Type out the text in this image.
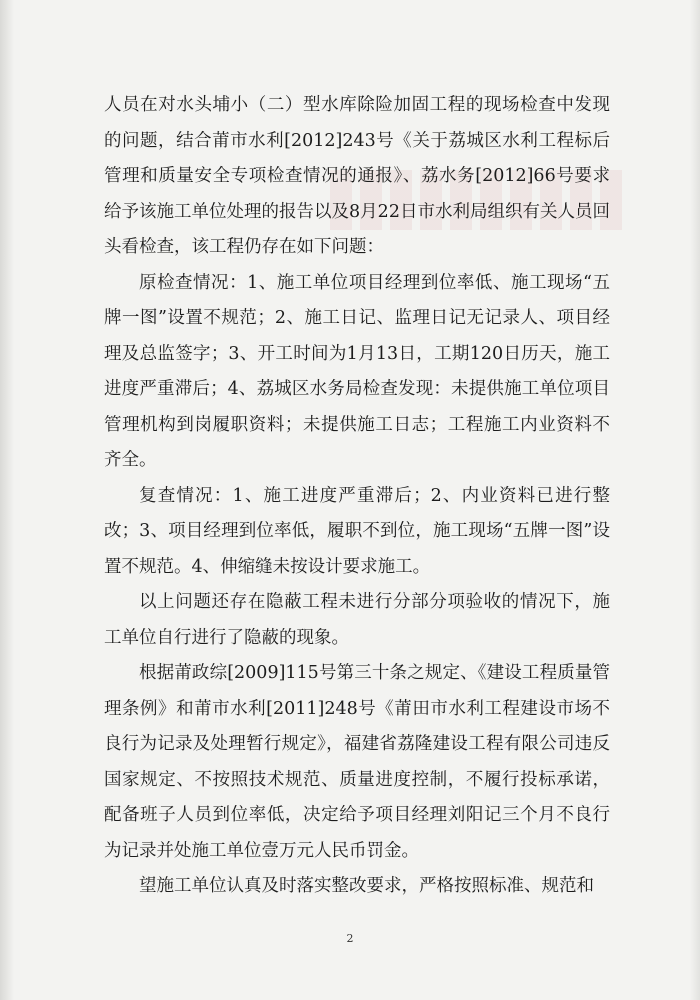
人员在对水头埔小（二）型水库除险加固工程的现场检查中发现的问题，结合莆市水利[2012]243号《关于荔城区水利工程标后管理和质量安全专项检查情况的通报》、荔水务[2012]66号要求给予该施工单位处理的报告以及8月22日市水利局组织有关人员回头看检查，该工程仍存在如下问题：

原检查情况：1、施工单位项目经理到位率低、施工现场“五牌一图”设置不规范；2、施工日记、监理日记无记录人、项目经理及总监签字；3、开工时间为1月13日，工期120日历天，施工进度严重滞后；4、荔城区水务局检查发现：未提供施工单位项目管理机构到岗履职资料；未提供施工日志；工程施工内业资料不齐全。

复查情况：1、施工进度严重滞后；2、内业资料已进行整改；3、项目经理到位率低，履职不到位，施工现场“五牌一图”设置不规范。4、伸缩缝未按设计要求施工。

以上问题还存在隐蔽工程未进行分部分项验收的情况下，施工单位自行进行了隐蔽的现象。

根据莆政综[2009]115号第三十条之规定、《建设工程质量管理条例》和莆市水利[2011]248号《莆田市水利工程建设市场不良行为记录及处理暂行规定》，福建省荔隆建设工程有限公司违反国家规定、不按照技术规范、质量进度控制，不履行投标承诺，配备班子人员到位率低，决定给予项目经理刘阳记三个月不良行为记录并处施工单位壹万元人民币罚金。

望施工单位认真及时落实整改要求，严格按照标准、规范和

2
